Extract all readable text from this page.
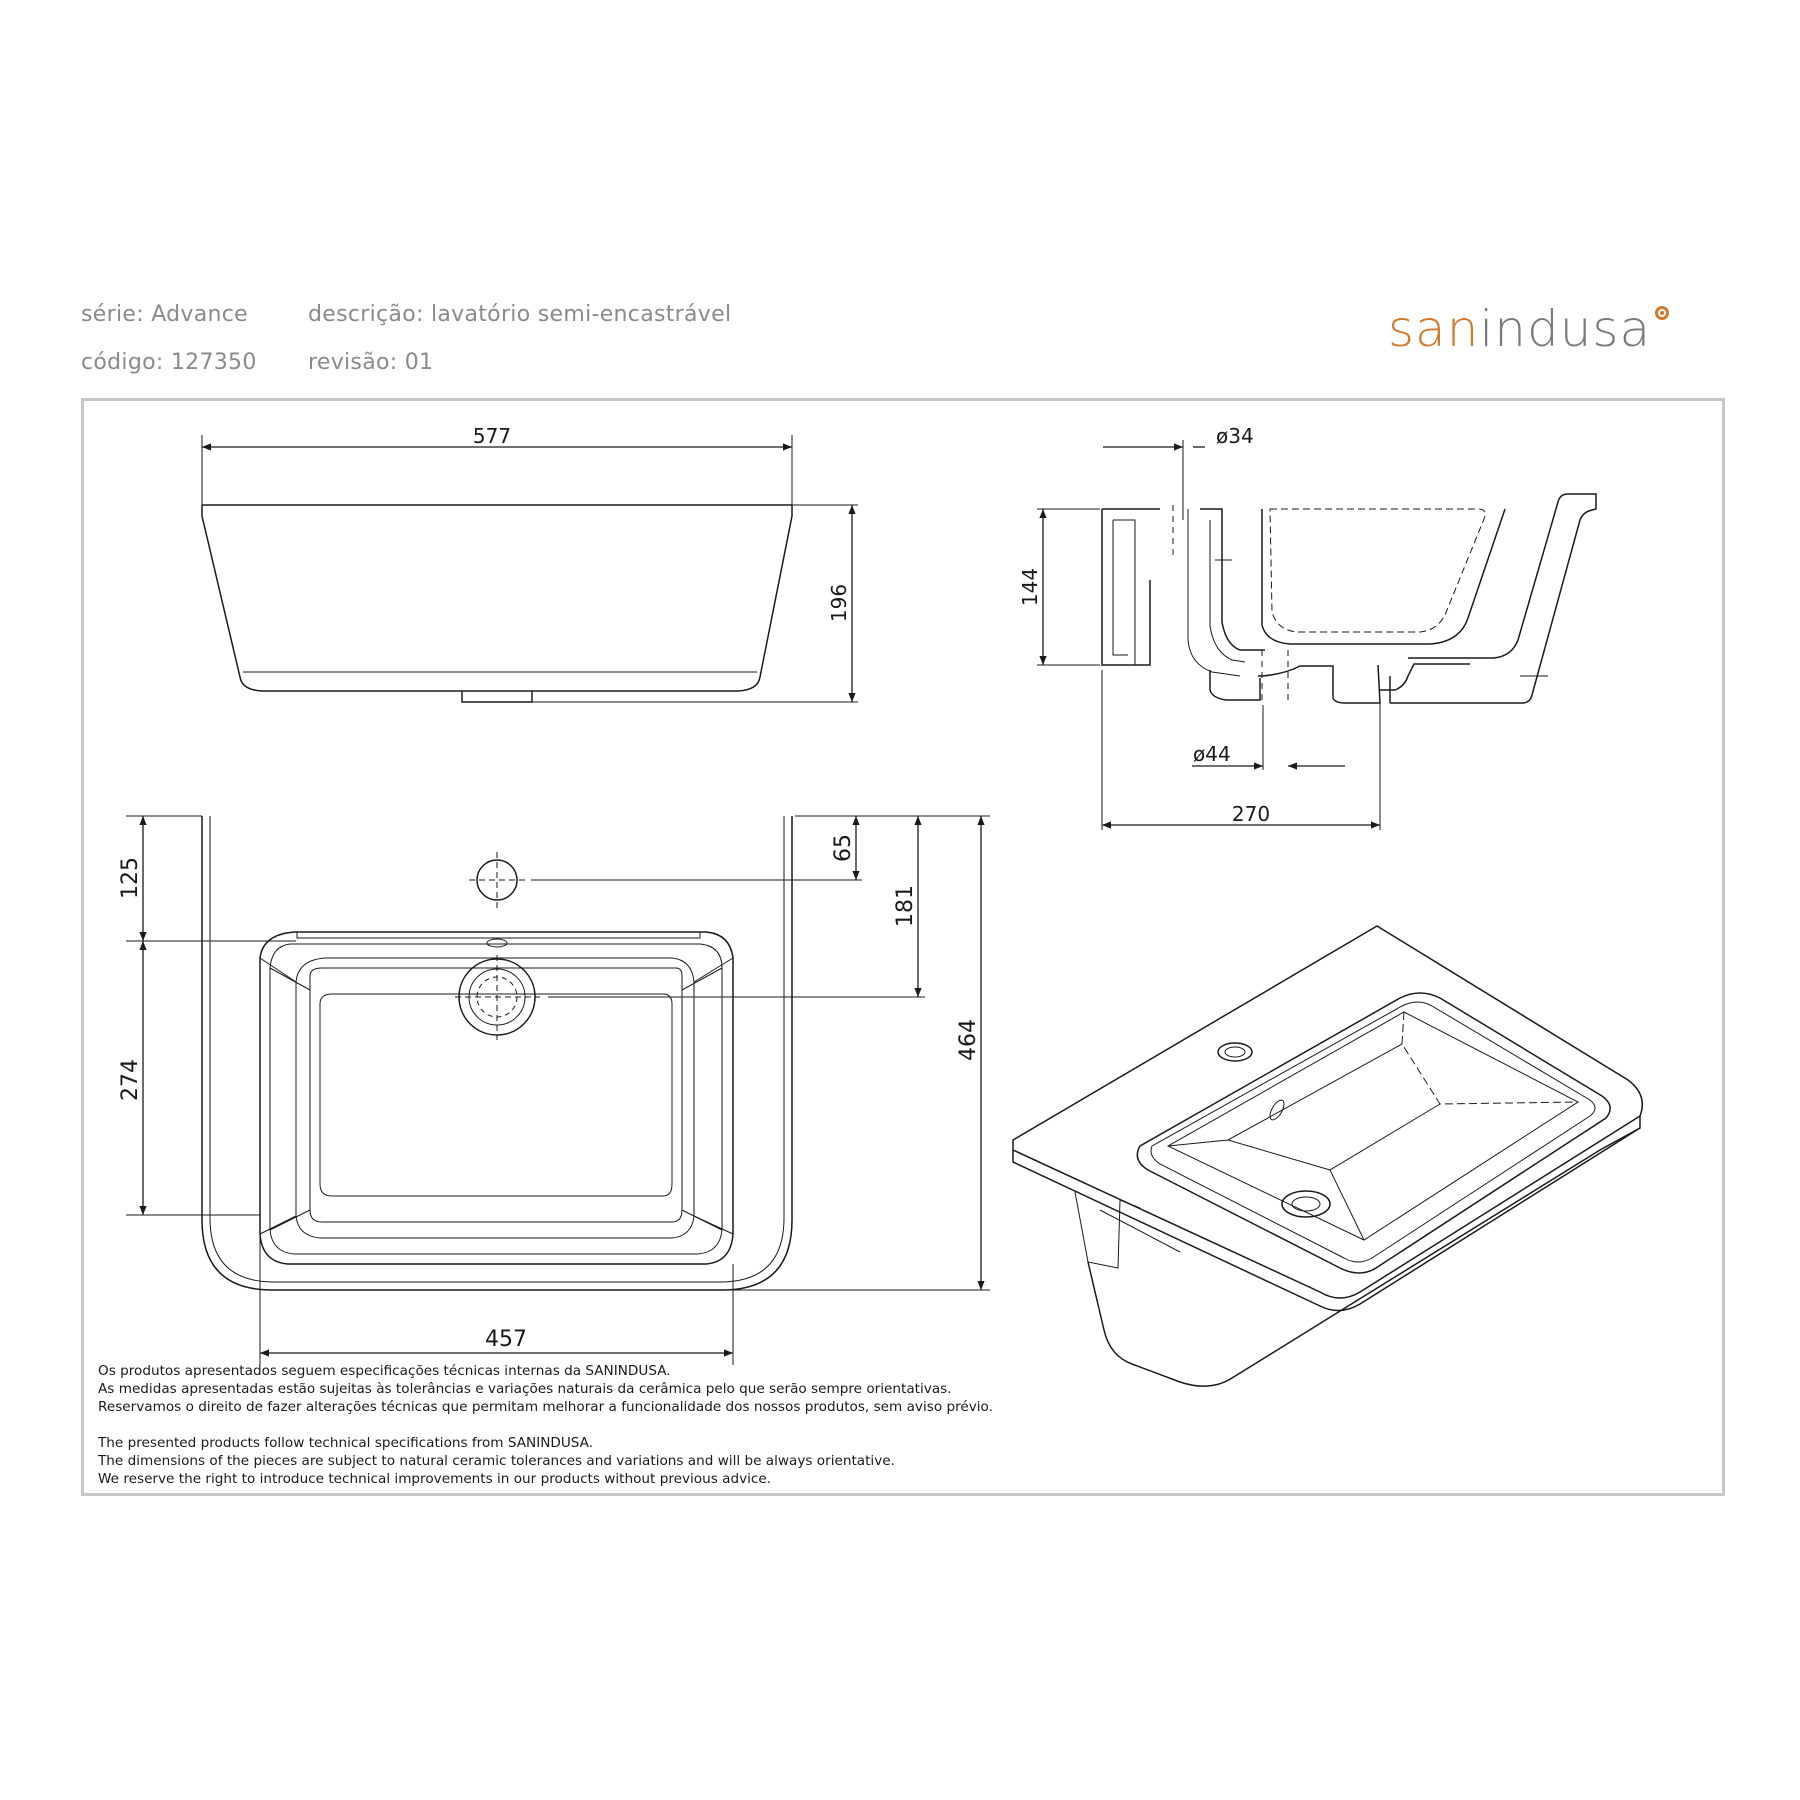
série: Advance	descrição: lavatório semi-encastrável
código: 127350 revisão: 01
sanindusa
577
196
ø34
144
ø44
270
125
274
65
181
464
457
Os produtos apresentados seguem especificações técnicas internas da SANINDUSA.
As medidas apresentadas estão sujeitas às tolerâncias e variações naturais da cerâmica pelo que serão sempre orientativas.
Reservamos o direito de fazer alterações técnicas que permitam melhorar a funcionalidade dos nossos produtos, sem aviso prévio.
The presented products follow technical specifications from SANINDUSA.
The dimensions of the pieces are subject to natural ceramic tolerances and variations and will be always orientative.
We reserve the right to introduce technical improvements in our products without previous advice.
